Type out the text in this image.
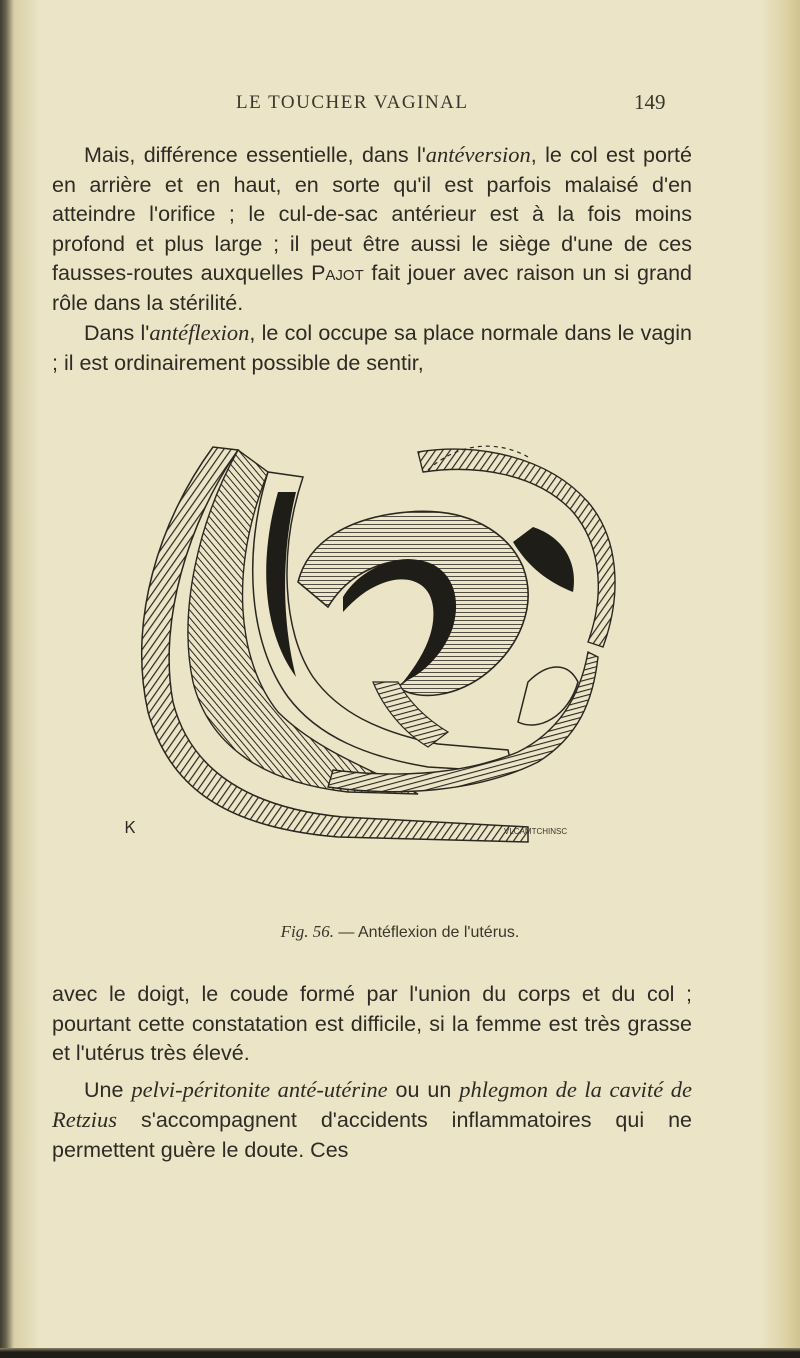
LE TOUCHER VAGINAL	149

Mais, différence essentielle, dans l'antéversion, le col est porté en arrière et en haut, en sorte qu'il est parfois malaisé d'en atteindre l'orifice ; le cul-de-sac antérieur est à la fois moins profond et plus large ; il peut être aussi le siège d'une de ces fausses-routes auxquelles Pajot fait jouer avec raison un si grand rôle dans la stérilité.

Dans l'antéflexion, le col occupe sa place normale dans le vagin ; il est ordinairement possible de sentir,

Ꮶ	VLCAMTCHINSC
Fig. 56. — Antéflexion de l'utérus.

avec le doigt, le coude formé par l'union du corps et du col ; pourtant cette constatation est difficile, si la femme est très grasse et l'utérus très élevé.

Une pelvi-péritonite anté-utérine ou un phlegmon de la cavité de Retzius s'accompagnent d'accidents inflammatoires qui ne permettent guère le doute. Ces
